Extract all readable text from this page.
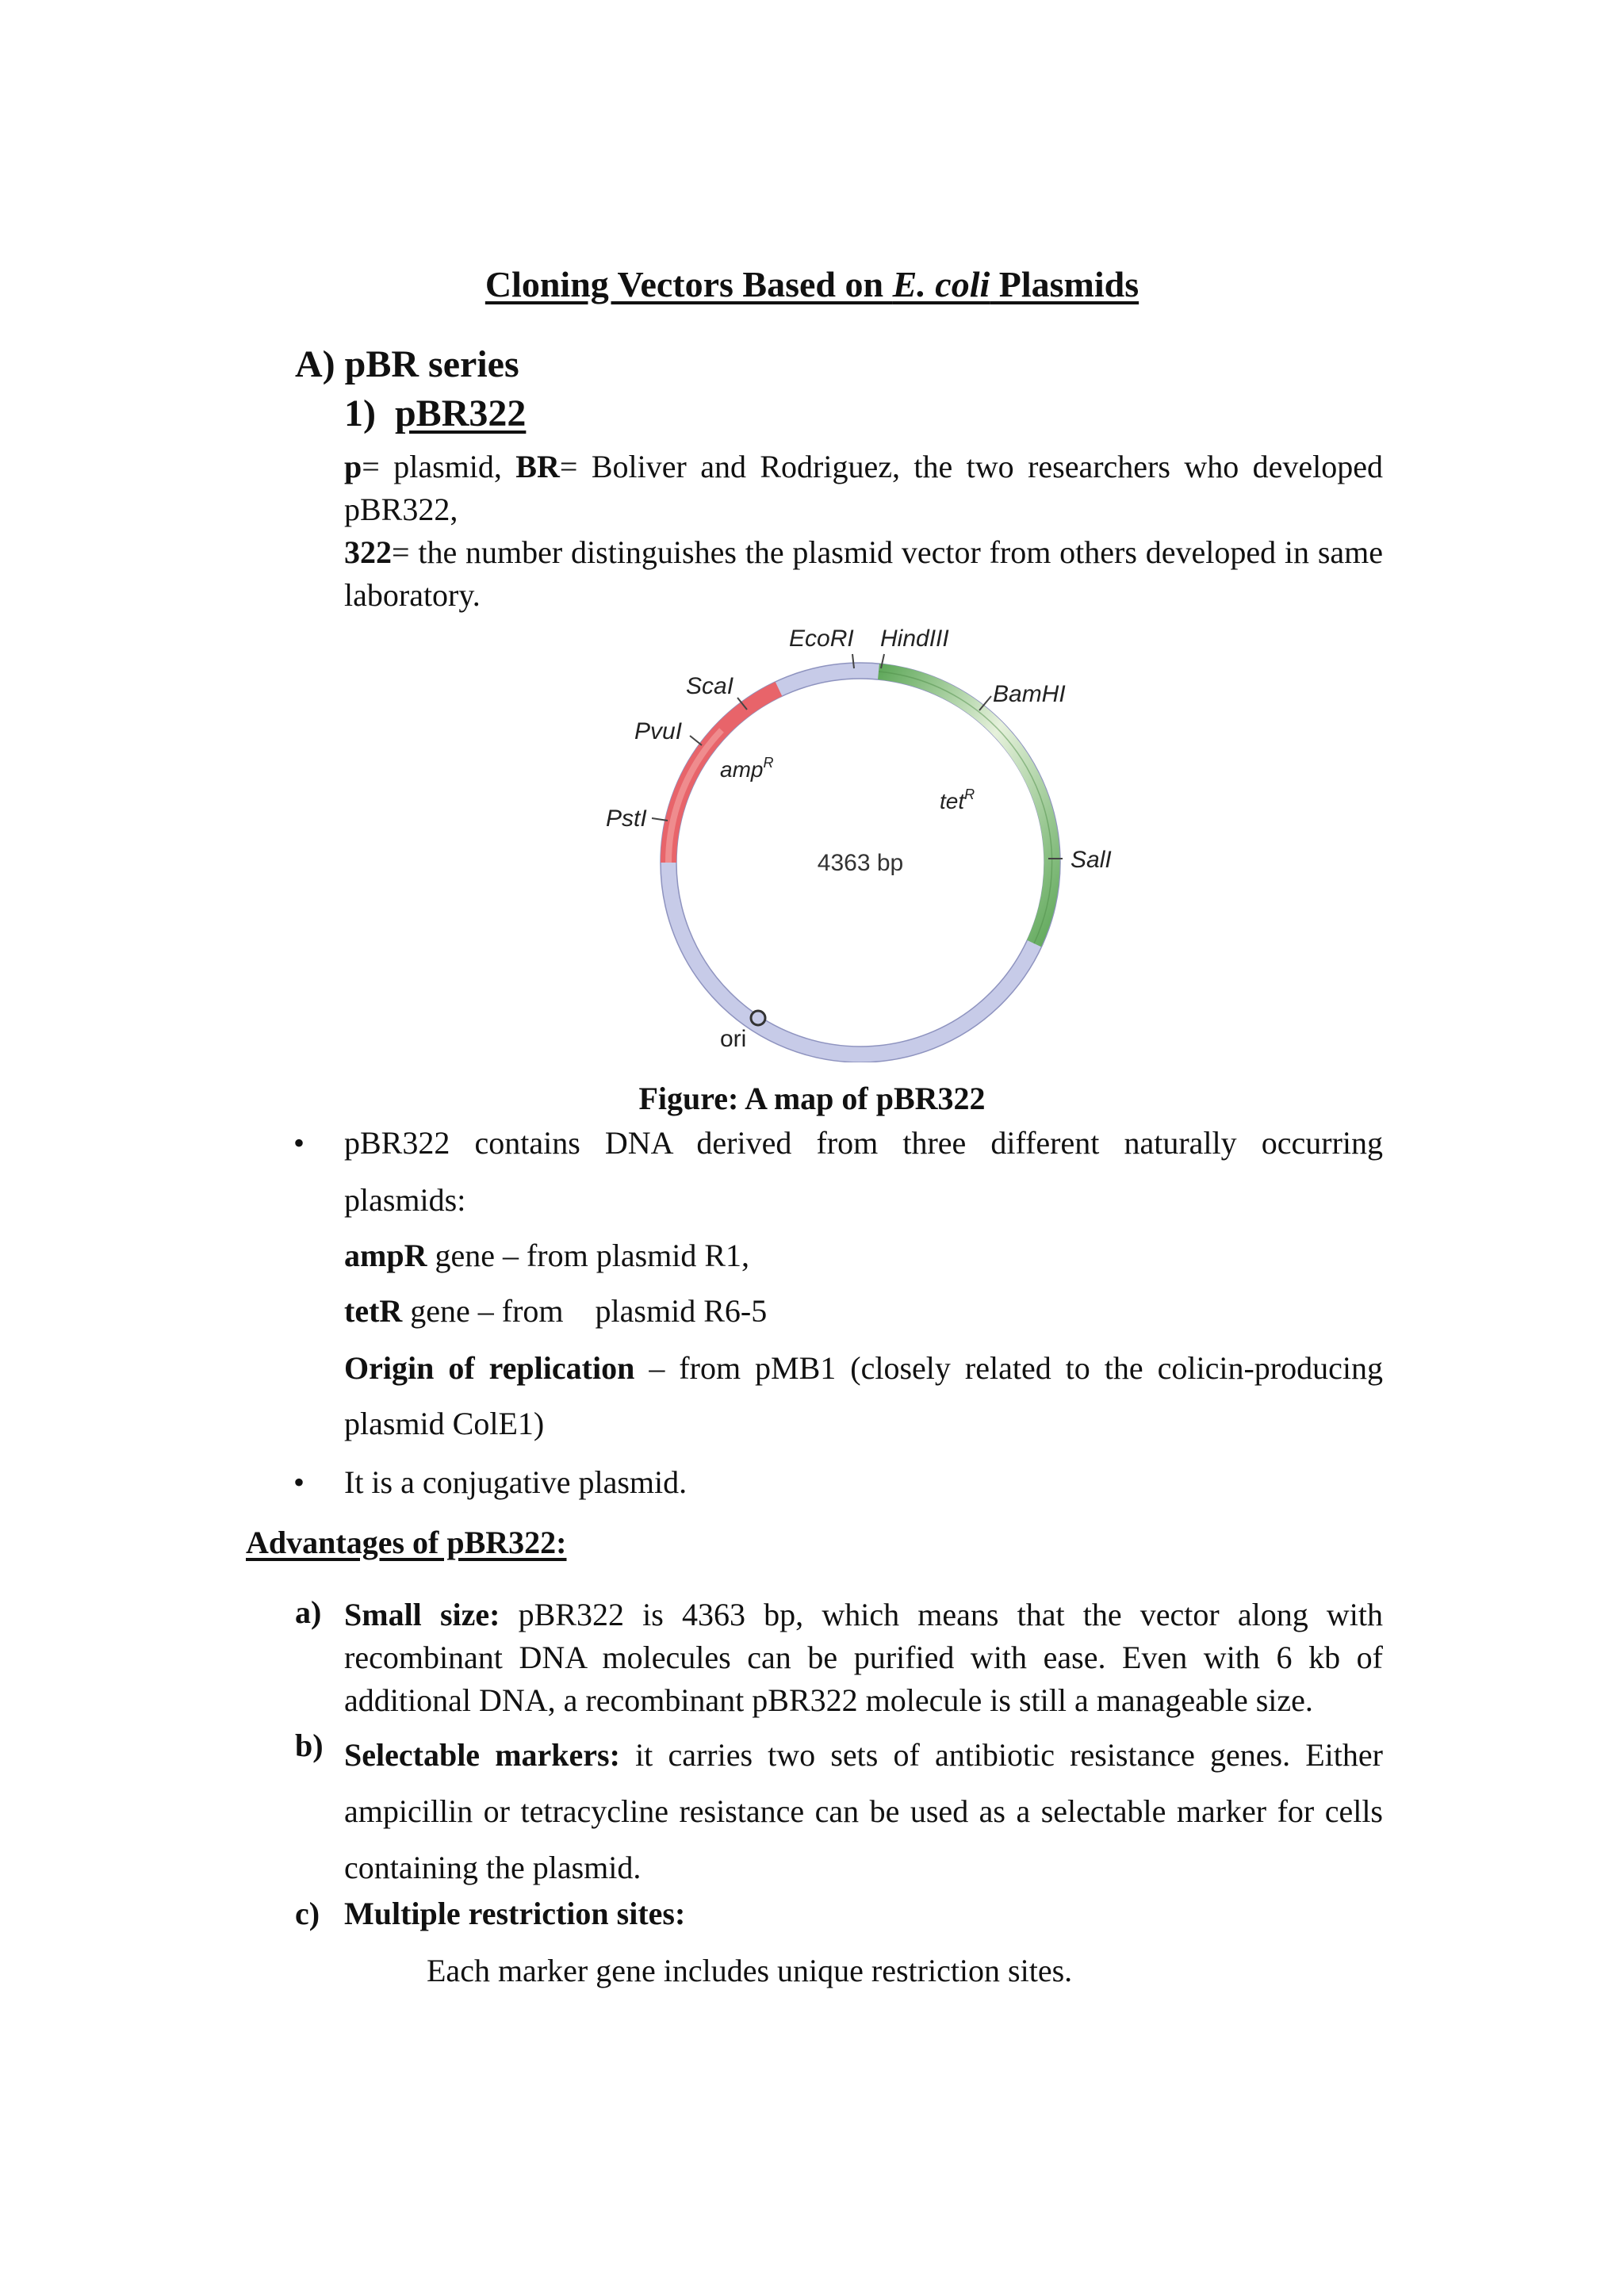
Cloning Vectors Based on E. coli Plasmids
A) pBR series
1) pBR322
p= plasmid, BR= Boliver and Rodriguez, the two researchers who developed pBR322,
322= the number distinguishes the plasmid vector from others developed in same laboratory.
EcoRI HindIII
BamHI
SalI
ScaI
PvuI
PstI
ori
amp$^R$
tet$^R$
4363 bp
Figure: A map of pBR322
• pBR322 contains DNA derived from three different naturally occurring
plasmids:
ampR gene – from plasmid R1,
tetR gene – from    plasmid R6-5
Origin of replication – from pMB1 (closely related to the colicin-producing
plasmid ColE1)
• It is a conjugative plasmid.
Advantages of pBR322:
a) Small size: pBR322 is 4363 bp, which means that the vector along with recombinant DNA molecules can be purified with ease. Even with 6 kb of additional DNA, a recombinant pBR322 molecule is still a manageable size.
b) Selectable markers: it carries two sets of antibiotic resistance genes. Either ampicillin or tetracycline resistance can be used as a selectable marker for cells containing the plasmid.
c) Multiple restriction sites:
Each marker gene includes unique restriction sites.
